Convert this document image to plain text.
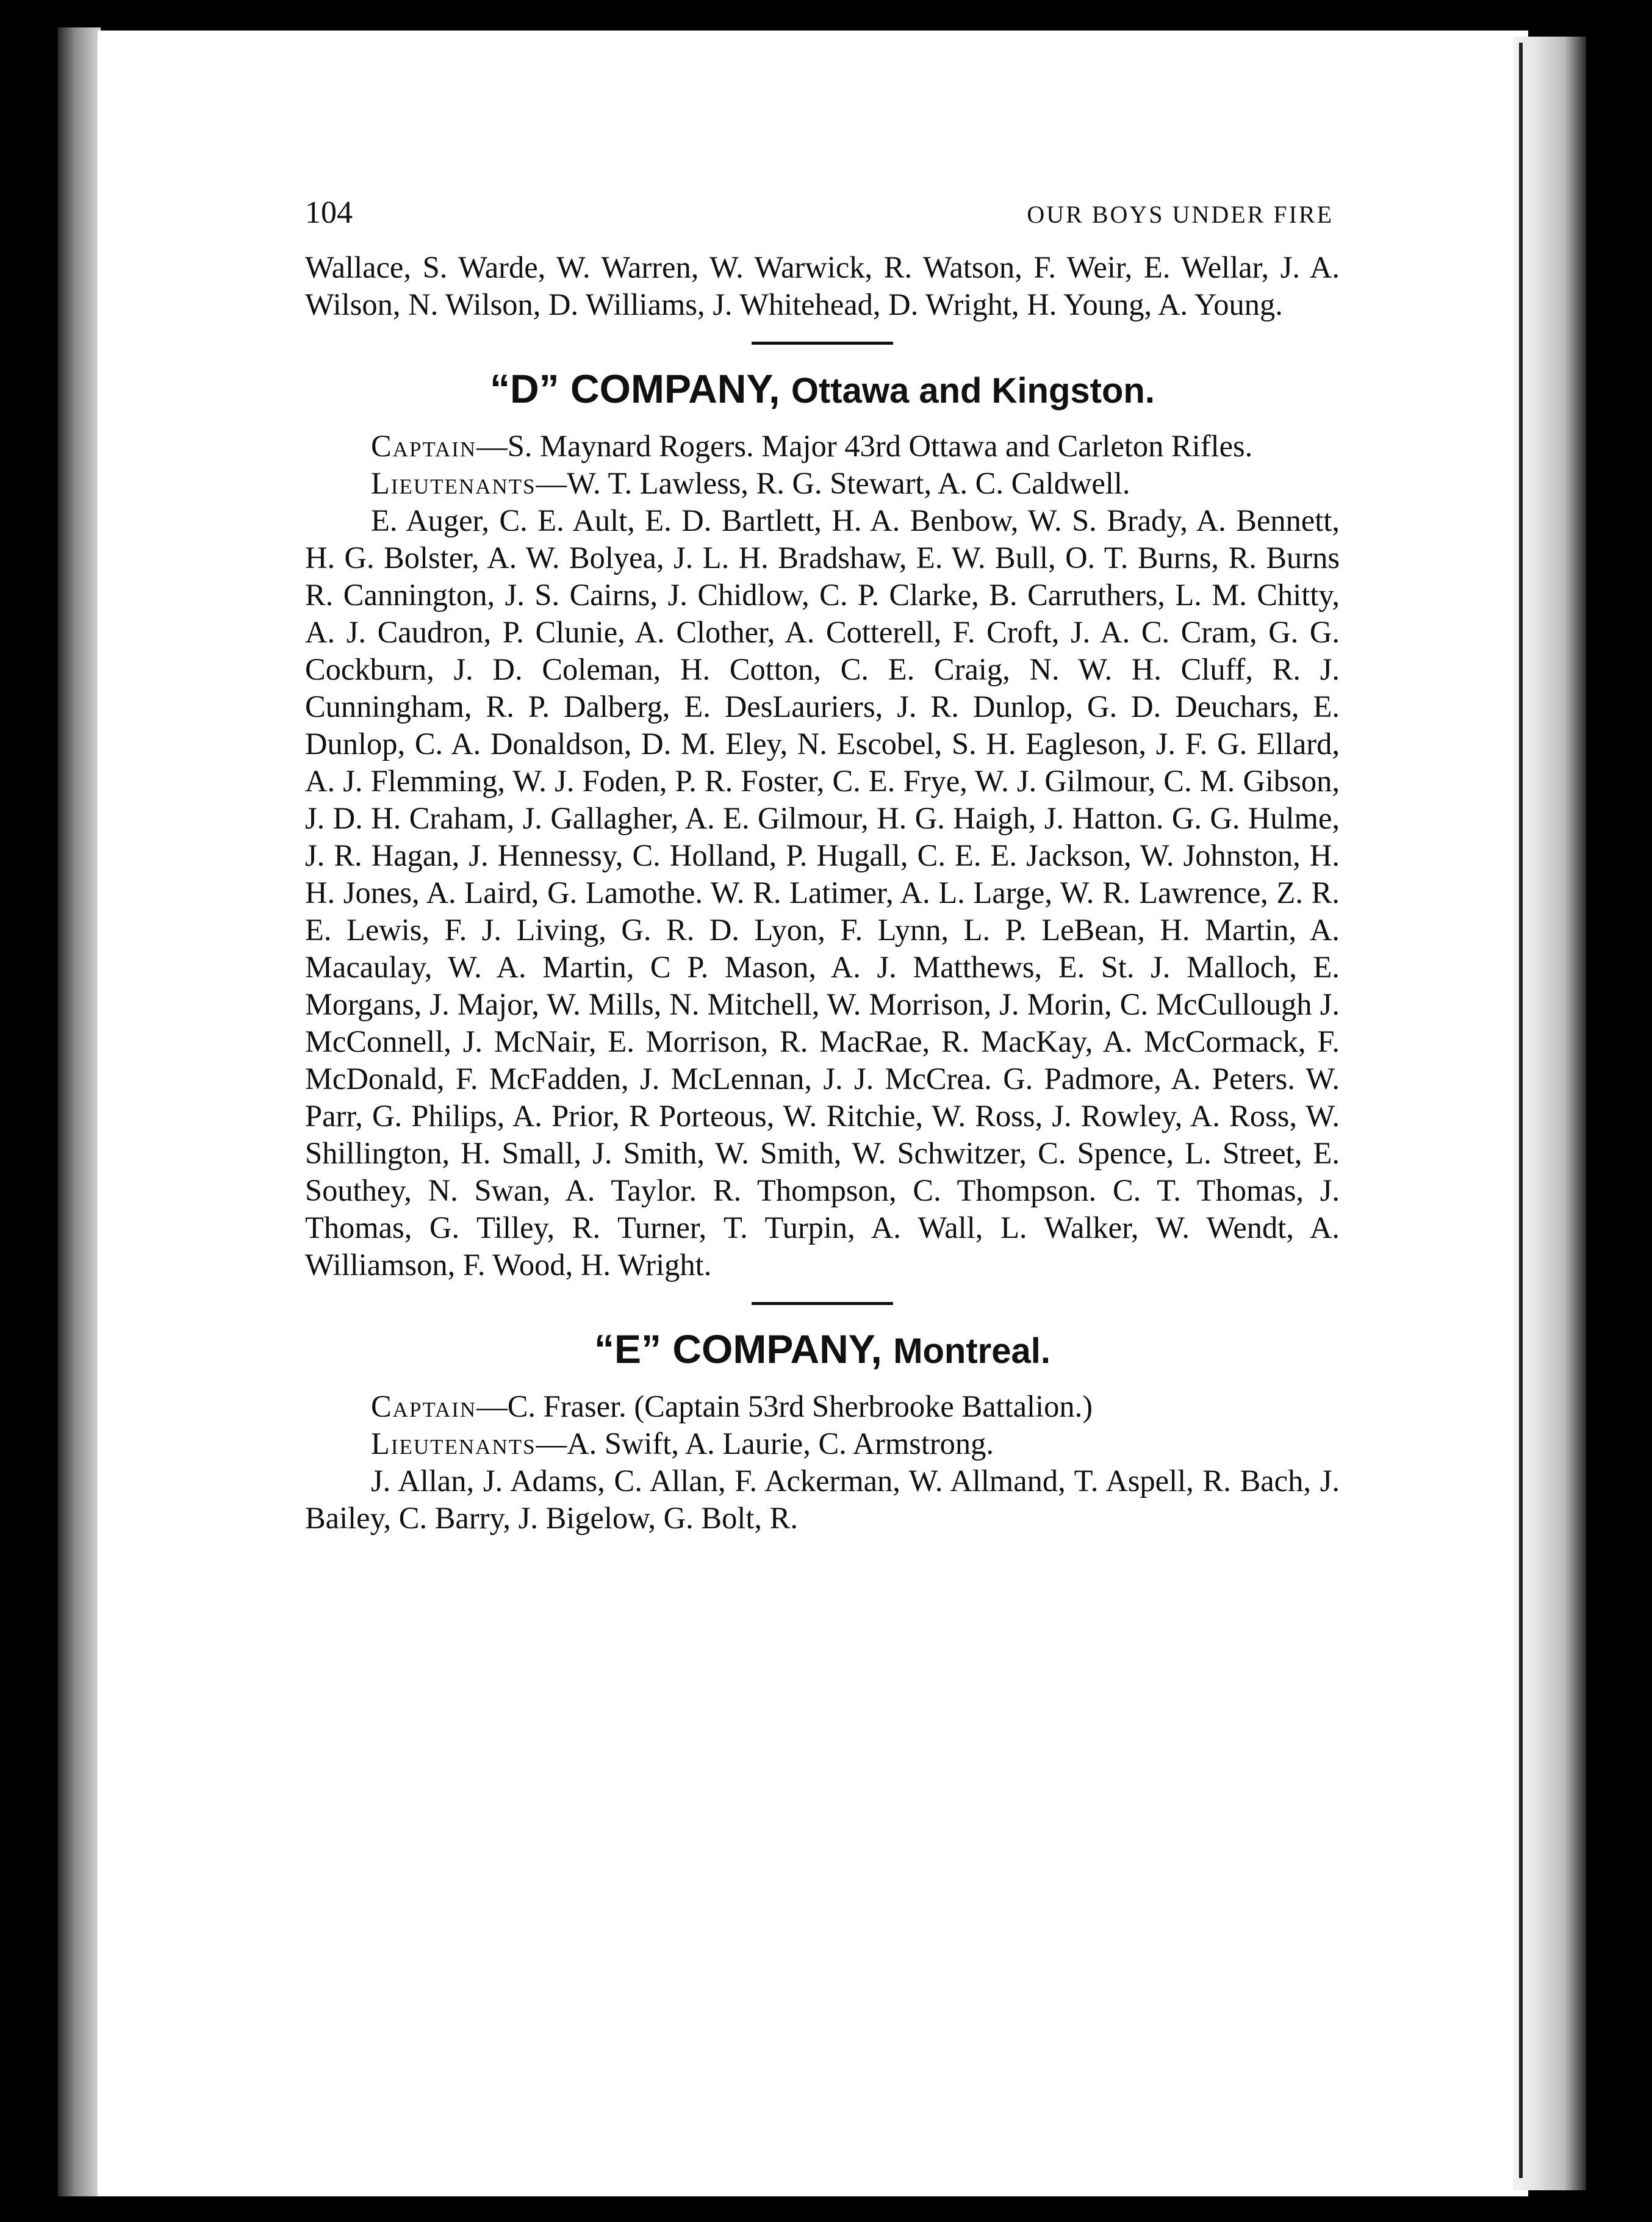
104	OUR BOYS UNDER FIRE

Wallace, S. Warde, W. Warren, W. Warwick, R. Watson, F. Weir, E. Wellar, J. A. Wilson, N. Wilson, D. Williams, J. Whitehead, D. Wright, H. Young, A. Young.

“D” COMPANY, Ottawa and Kingston.

Captain—S. Maynard Rogers. Major 43rd Ottawa and Carleton Rifles.

Lieutenants—W. T. Lawless, R. G. Stewart, A. C. Caldwell.

E. Auger, C. E. Ault, E. D. Bartlett, H. A. Benbow, W. S. Brady, A. Bennett, H. G. Bolster, A. W. Bolyea, J. L. H. Bradshaw, E. W. Bull, O. T. Burns, R. Burns R. Cannington, J. S. Cairns, J. Chidlow, C. P. Clarke, B. Carruthers, L. M. Chitty, A. J. Caudron, P. Clunie, A. Clother, A. Cotterell, F. Croft, J. A. C. Cram, G. G. Cockburn, J. D. Coleman, H. Cotton, C. E. Craig, N. W. H. Cluff, R. J. Cunningham, R. P. Dalberg, E. DesLauriers, J. R. Dunlop, G. D. Deuchars, E. Dunlop, C. A. Donaldson, D. M. Eley, N. Escobel, S. H. Eagleson, J. F. G. Ellard, A. J. Flemming, W. J. Foden, P. R. Foster, C. E. Frye, W. J. Gilmour, C. M. Gibson, J. D. H. Craham, J. Gallagher, A. E. Gilmour, H. G. Haigh, J. Hatton. G. G. Hulme, J. R. Hagan, J. Hennessy, C. Holland, P. Hugall, C. E. E. Jackson, W. Johnston, H. H. Jones, A. Laird, G. Lamothe. W. R. Latimer, A. L. Large, W. R. Lawrence, Z. R. E. Lewis, F. J. Living, G. R. D. Lyon, F. Lynn, L. P. LeBean, H. Martin, A. Macaulay, W. A. Martin, C P. Mason, A. J. Matthews, E. St. J. Malloch, E. Morgans, J. Major, W. Mills, N. Mitchell, W. Morrison, J. Morin, C. McCullough J. McConnell, J. McNair, E. Morrison, R. MacRae, R. MacKay, A. McCormack, F. McDonald, F. McFadden, J. McLennan, J. J. McCrea. G. Padmore, A. Peters. W. Parr, G. Philips, A. Prior, R Porteous, W. Ritchie, W. Ross, J. Rowley, A. Ross, W. Shillington, H. Small, J. Smith, W. Smith, W. Schwitzer, C. Spence, L. Street, E. Southey, N. Swan, A. Taylor. R. Thompson, C. Thompson. C. T. Thomas, J. Thomas, G. Tilley, R. Turner, T. Turpin, A. Wall, L. Walker, W. Wendt, A. Williamson, F. Wood, H. Wright.

“E” COMPANY, Montreal.

Captain—C. Fraser. (Captain 53rd Sherbrooke Battalion.)

Lieutenants—A. Swift, A. Laurie, C. Armstrong.

J. Allan, J. Adams, C. Allan, F. Ackerman, W. Allmand, T. Aspell, R. Bach, J. Bailey, C. Barry, J. Bigelow, G. Bolt, R.
